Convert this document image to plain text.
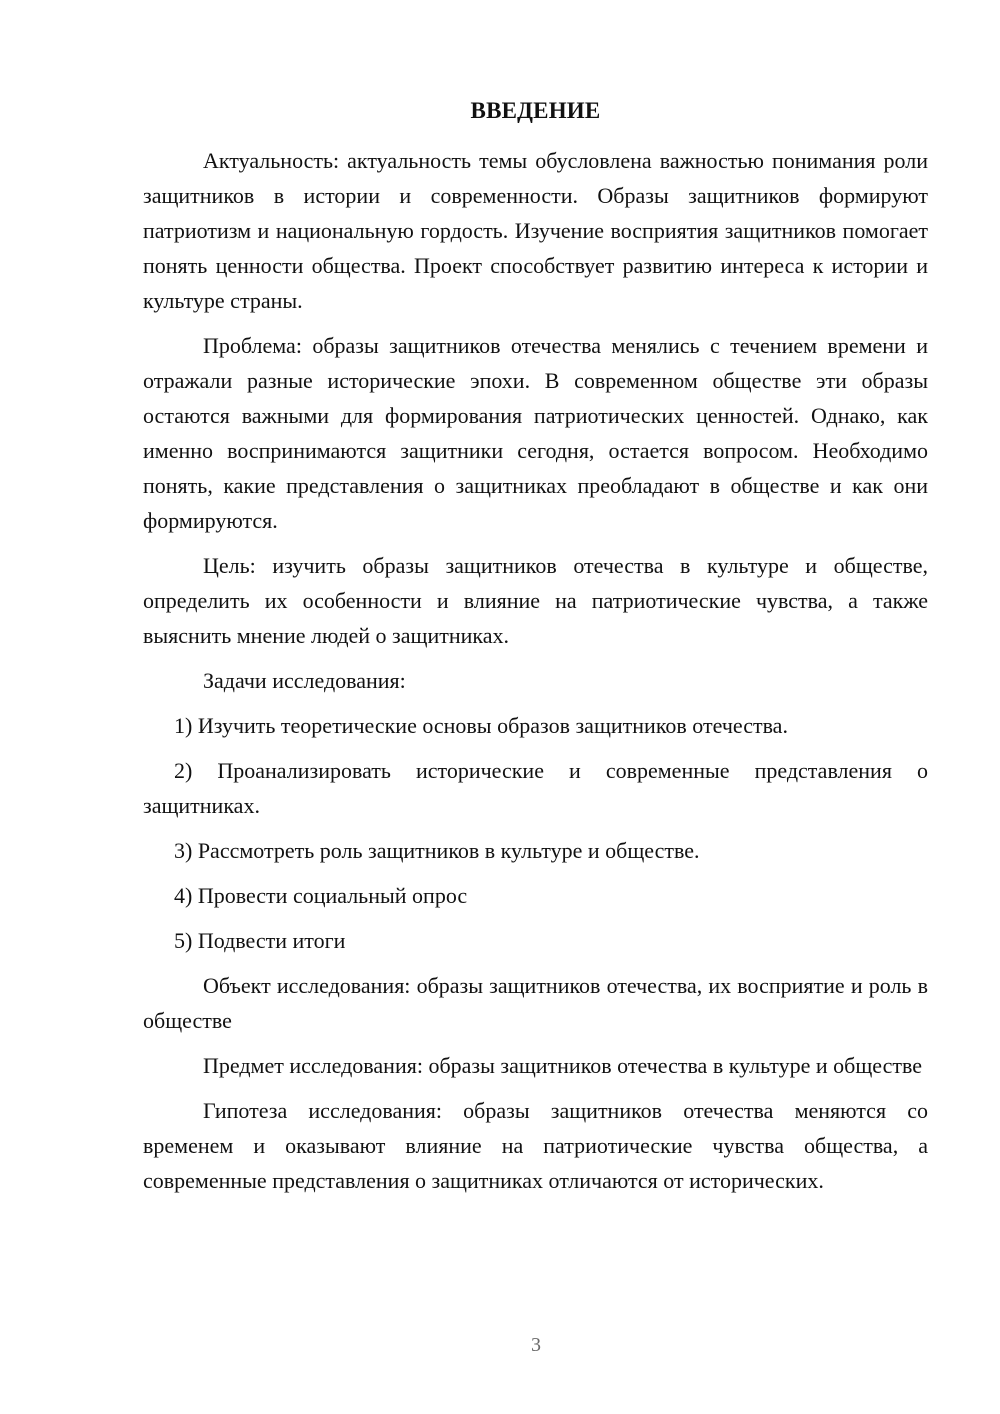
ВВЕДЕНИЕ

Актуальность: актуальность темы обусловлена важностью понимания роли защитников в истории и современности. Образы защитников формируют патриотизм и национальную гордость. Изучение восприятия защитников помогает понять ценности общества. Проект способствует развитию интереса к истории и культуре страны.

Проблема: образы защитников отечества менялись с течением времени и отражали разные исторические эпохи. В современном обществе эти образы остаются важными для формирования патриотических ценностей. Однако, как именно воспринимаются защитники сегодня, остается вопросом. Необходимо понять, какие представления о защитниках преобладают в обществе и как они формируются.

Цель: изучить образы защитников отечества в культуре и обществе, определить их особенности и влияние на патриотические чувства, а также выяснить мнение людей о защитниках.

Задачи исследования:

1) Изучить теоретические основы образов защитников отечества.

2) Проанализировать исторические и современные представления о защитниках.

3) Рассмотреть роль защитников в культуре и обществе.

4) Провести социальный опрос

5) Подвести итоги

Объект исследования: образы защитников отечества, их восприятие и роль в обществе

Предмет исследования: образы защитников отечества в культуре и обществе

Гипотеза исследования: образы защитников отечества меняются со временем и оказывают влияние на патриотические чувства общества, а современные представления о защитниках отличаются от исторических.

3
